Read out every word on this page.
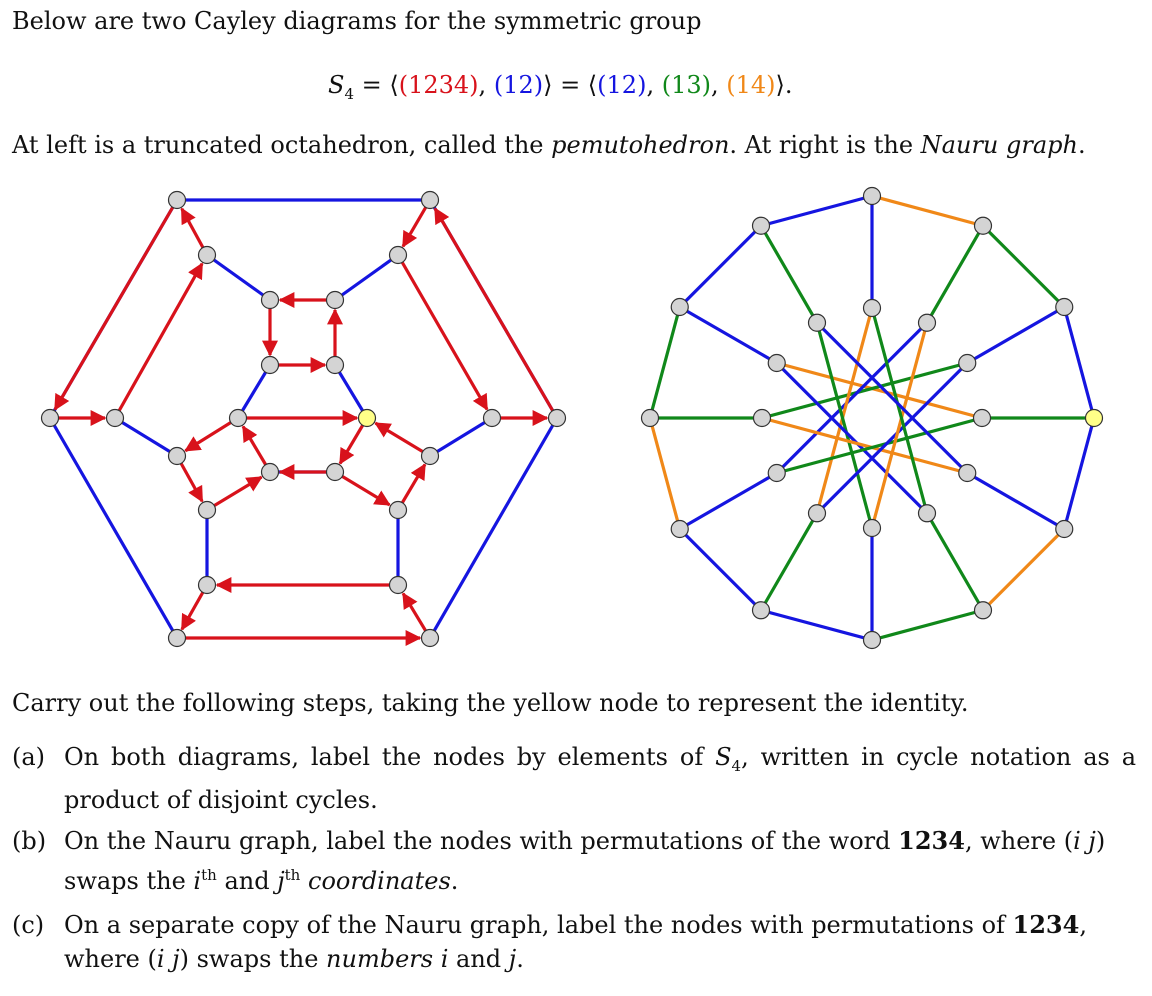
Below are two Cayley diagrams for the symmetric group
$S_4$ = ⟨(1234), (12)⟩ = ⟨(12), (13), (14)⟩.
At left is a truncated octahedron, called the pemutohedron. At right is the Nauru graph.
Carry out the following steps, taking the yellow node to represent the identity.
(a) On both diagrams, label the nodes by elements of $S_4$, written in cycle notation as a product of disjoint cycles.
(b) On the Nauru graph, label the nodes with permutations of the word 1234, where (i j) swaps the $i^{th}$ and $j^{th}$ coordinates.
(c) On a separate copy of the Nauru graph, label the nodes with permutations of 1234, where (i j) swaps the numbers i and j.
